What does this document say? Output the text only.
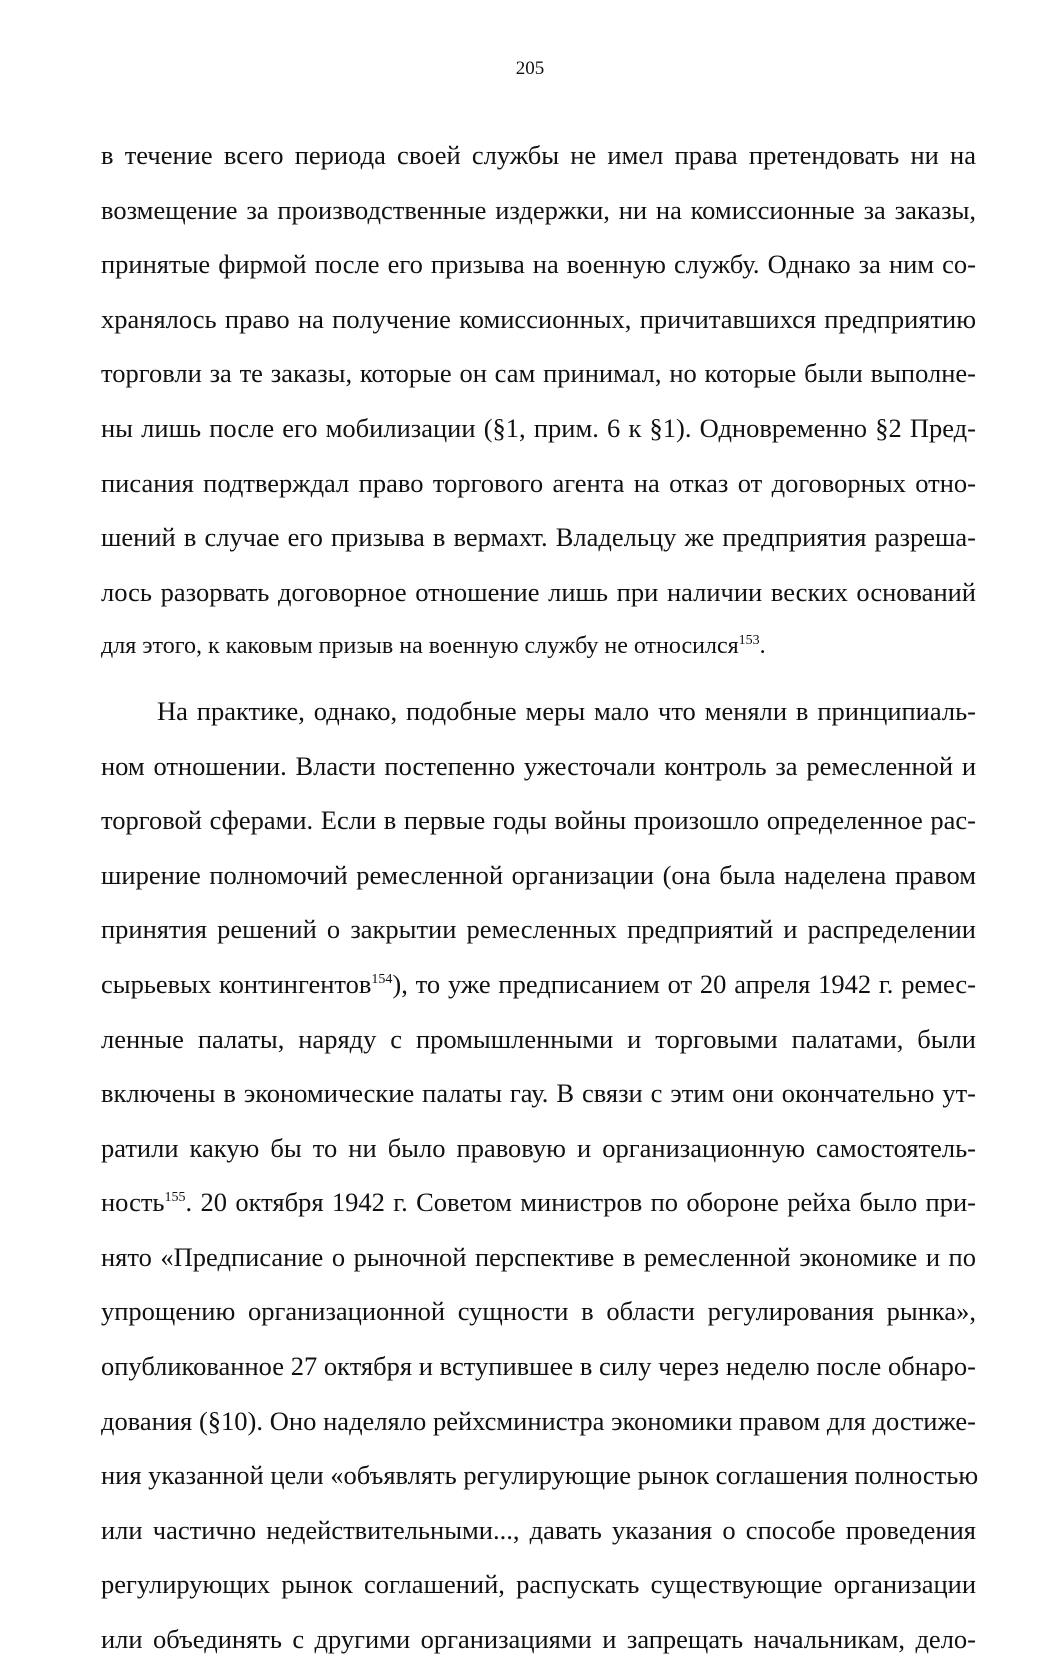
205
в течение всего периода своей службы не имел права претендовать ни на
возмещение за производственные издержки, ни на комиссионные за заказы,
принятые фирмой после его призыва на военную службу. Однако за ним со-
хранялось право на получение комиссионных, причитавшихся предприятию
торговли за те заказы, которые он сам принимал, но которые были выполне-
ны лишь после его мобилизации (§1, прим. 6 к §1). Одновременно §2 Пред-
писания подтверждал право торгового агента на отказ от договорных отно-
шений в случае его призыва в вермахт. Владельцу же предприятия разреша-
лось разорвать договорное отношение лишь при наличии веских оснований
для этого, к каковым призыв на военную службу не относился$^{153}$.
На практике, однако, подобные меры мало что меняли в принципиаль-
ном отношении. Власти постепенно ужесточали контроль за ремесленной и
торговой сферами. Если в первые годы войны произошло определенное рас-
ширение полномочий ремесленной организации (она была наделена правом
принятия решений о закрытии ремесленных предприятий и распределении
сырьевых контингентов$^{154}$), то уже предписанием от 20 апреля 1942 г. ремес-
ленные палаты, наряду с промышленными и торговыми палатами, были
включены в экономические палаты гау. В связи с этим они окончательно ут-
ратили какую бы то ни было правовую и организационную самостоятель-
ность$^{155}$. 20 октября 1942 г. Советом министров по обороне рейха было при-
нято «Предписание о рыночной перспективе в ремесленной экономике и по
упрощению организационной сущности в области регулирования рынка»,
опубликованное 27 октября и вступившее в силу через неделю после обнаро-
дования (§10). Оно наделяло рейхсминистра экономики правом для достиже-
ния указанной цели «объявлять регулирующие рынок соглашения полностью
или частично недействительными..., давать указания о способе проведения
регулирующих рынок соглашений, распускать существующие организации
или объединять с другими организациями и запрещать начальникам, дело-
